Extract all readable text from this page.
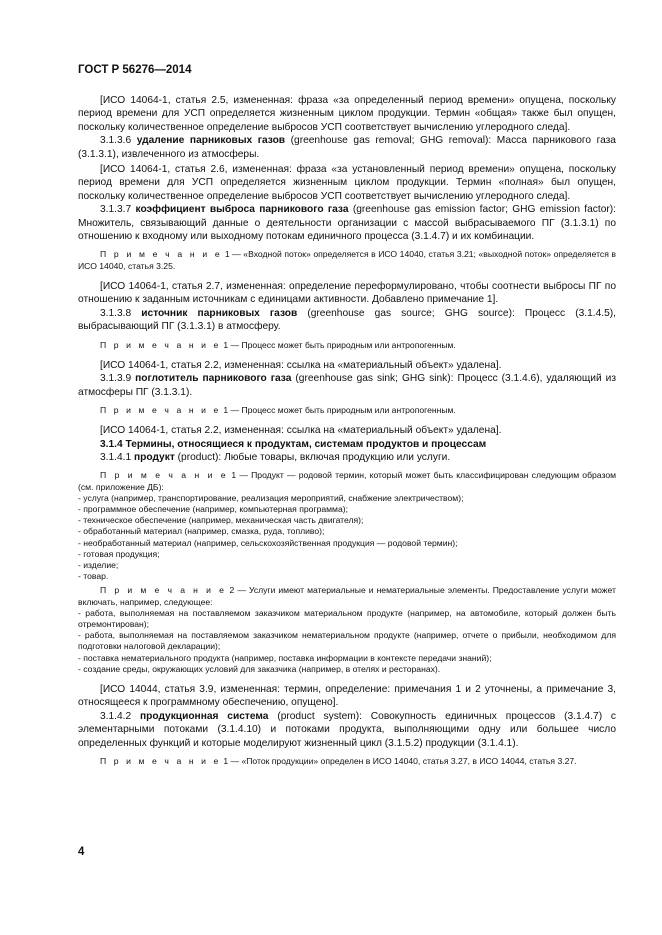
ГОСТ Р 56276—2014

[ИСО 14064-1, статья 2.5, измененная: фраза «за определенный период времени» опущена, поскольку период времени для УСП определяется жизненным циклом продукции. Термин «общая» также был опущен, поскольку количественное определение выбросов УСП соответствует вычислению углеродного следа].

3.1.3.6 удаление парниковых газов (greenhouse gas removal; GHG removal): Масса парникового газа (3.1.3.1), извлеченного из атмосферы.

[ИСО 14064-1, статья 2.6, измененная: фраза «за установленный период времени» опущена, поскольку период времени для УСП определяется жизненным циклом продукции. Термин «полная» был опущен, поскольку количественное определение выбросов УСП соответствует вычислению углеродного следа].

3.1.3.7 коэффициент выброса парникового газа (greenhouse gas emission factor; GHG emission factor): Множитель, связывающий данные о деятельности организации с массой выбрасываемого ПГ (3.1.3.1) по отношению к входному или выходному потокам единичного процесса (3.1.4.7) и их комбинации.

П р и м е ч а н и е 1 — «Входной поток» определяется в ИСО 14040, статья 3.21; «выходной поток» определяется в ИСО 14040, статья 3.25.

[ИСО 14064-1, статья 2.7, измененная: определение переформулировано, чтобы соотнести выбросы ПГ по отношению к заданным источникам с единицами активности. Добавлено примечание 1].

3.1.3.8 источник парниковых газов (greenhouse gas source; GHG source): Процесс (3.1.4.5), выбрасывающий ПГ (3.1.3.1) в атмосферу.

П р и м е ч а н и е 1 — Процесс может быть природным или антропогенным.

[ИСО 14064-1, статья 2.2, измененная: ссылка на «материальный объект» удалена].

3.1.3.9 поглотитель парникового газа (greenhouse gas sink; GHG sink): Процесс (3.1.4.6), удаляющий из атмосферы ПГ (3.1.3.1).

П р и м е ч а н и е 1 — Процесс может быть природным или антропогенным.

[ИСО 14064-1, статья 2.2, измененная: ссылка на «материальный объект» удалена].

3.1.4 Термины, относящиеся к продуктам, системам продуктов и процессам

3.1.4.1 продукт (product): Любые товары, включая продукцию или услуги.

П р и м е ч а н и е 1 — Продукт — родовой термин, который может быть классифицирован следующим образом (см. приложение ДБ):

- услуга (например, транспортирование, реализация мероприятий, снабжение электричеством);

- программное обеспечение (например, компьютерная программа);

- техническое обеспечение (например, механическая часть двигателя);

- обработанный материал (например, смазка, руда, топливо);

- необработанный материал (например, сельскохозяйственная продукция — родовой термин);

- готовая продукция;

- изделие;

- товар.

П р и м е ч а н и е 2 — Услуги имеют материальные и нематериальные элементы. Предоставление услуги может включать, например, следующее:

- работа, выполняемая на поставляемом заказчиком материальном продукте (например, на автомобиле, который должен быть отремонтирован);

- работа, выполняемая на поставляемом заказчиком нематериальном продукте (например, отчете о прибыли, необходимом для подготовки налоговой декларации);

- поставка нематериального продукта (например, поставка информации в контексте передачи знаний);

- создание среды, окружающих условий для заказчика (например, в отелях и ресторанах).

[ИСО 14044, статья 3.9, измененная: термин, определение: примечания 1 и 2 уточнены, а примечание 3, относящееся к программному обеспечению, опущено].

3.1.4.2 продукционная система (product system): Совокупность единичных процессов (3.1.4.7) с элементарными потоками (3.1.4.10) и потоками продукта, выполняющими одну или большее число определенных функций и которые моделируют жизненный цикл (3.1.5.2) продукции (3.1.4.1).

П р и м е ч а н и е 1 — «Поток продукции» определен в ИСО 14040, статья 3.27, в ИСО 14044, статья 3.27.

4
